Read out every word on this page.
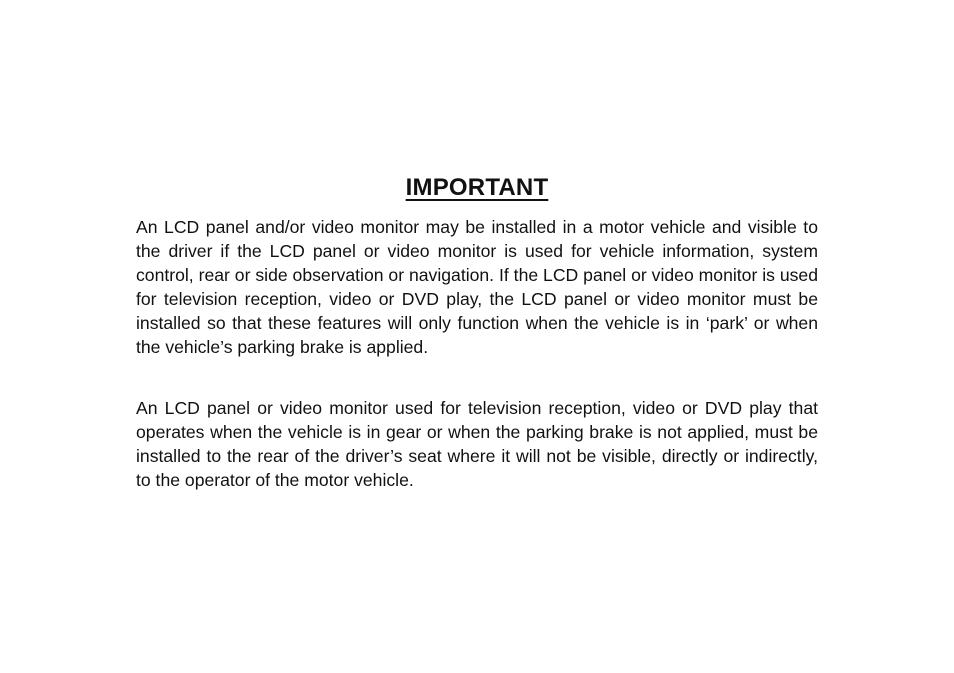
IMPORTANT

An LCD panel and/or video monitor may be installed in a motor vehicle and visible to the driver if the LCD panel or video monitor is used for vehicle information, system control, rear or side observation or navigation. If the LCD panel or video monitor is used for television reception, video or DVD play, the LCD panel or video monitor must be installed so that these features will only function when the vehicle is in ‘park’ or when the vehicle’s parking brake is applied.

An LCD panel or video monitor used for television reception, video or DVD play that operates when the vehicle is in gear or when the parking brake is not applied, must be installed to the rear of the driver’s seat where it will not be visible, directly or indirectly, to the operator of the motor vehicle.
